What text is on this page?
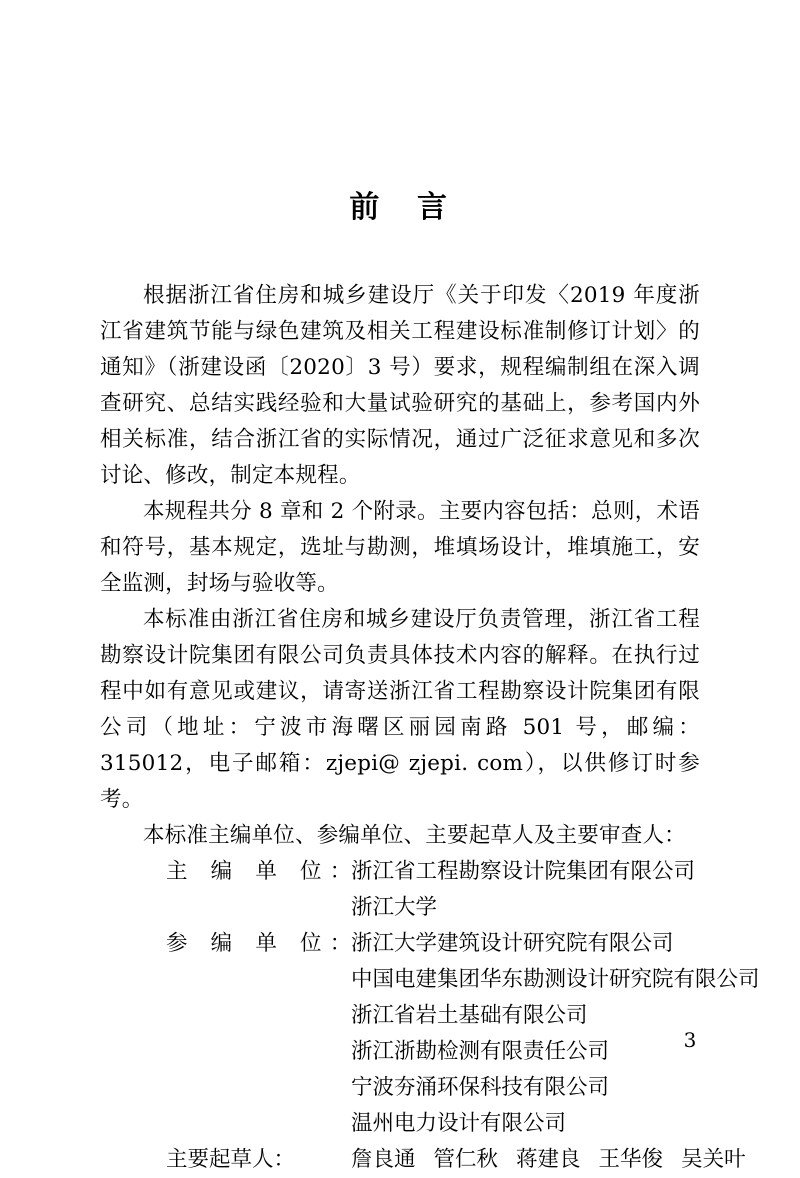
前 言

根据浙江省住房和城乡建设厅《关于印发〈2019 年度浙江省建筑节能与绿色建筑及相关工程建设标准制修订计划〉的通知》（浙建设函〔2020〕3 号）要求，规程编制组在深入调查研究、总结实践经验和大量试验研究的基础上，参考国内外相关标准，结合浙江省的实际情况，通过广泛征求意见和多次讨论、修改，制定本规程。

本规程共分 8 章和 2 个附录。主要内容包括：总则，术语和符号，基本规定，选址与勘测，堆填场设计，堆填施工，安全监测，封场与验收等。

本标准由浙江省住房和城乡建设厅负责管理，浙江省工程勘察设计院集团有限公司负责具体技术内容的解释。在执行过程中如有意见或建议，请寄送浙江省工程勘察设计院集团有限公司（地址：宁波市海曙区丽园南路 501 号，邮编：315012，电子邮箱：zjepi@ zjepi. com），以供修订时参考。

本标准主编单位、参编单位、主要起草人及主要审查人：

主 编 单 位： 浙江省工程勘察设计院集团有限公司
浙江大学
参 编 单 位： 浙江大学建筑设计研究院有限公司
中国电建集团华东勘测设计研究院有限公司
浙江省岩土基础有限公司
浙江浙勘检测有限责任公司
宁波夯涌环保科技有限公司
温州电力设计有限公司
主要起草人：	詹良通 管仁秋 蒋建良 王华俊 吴关叶
3
